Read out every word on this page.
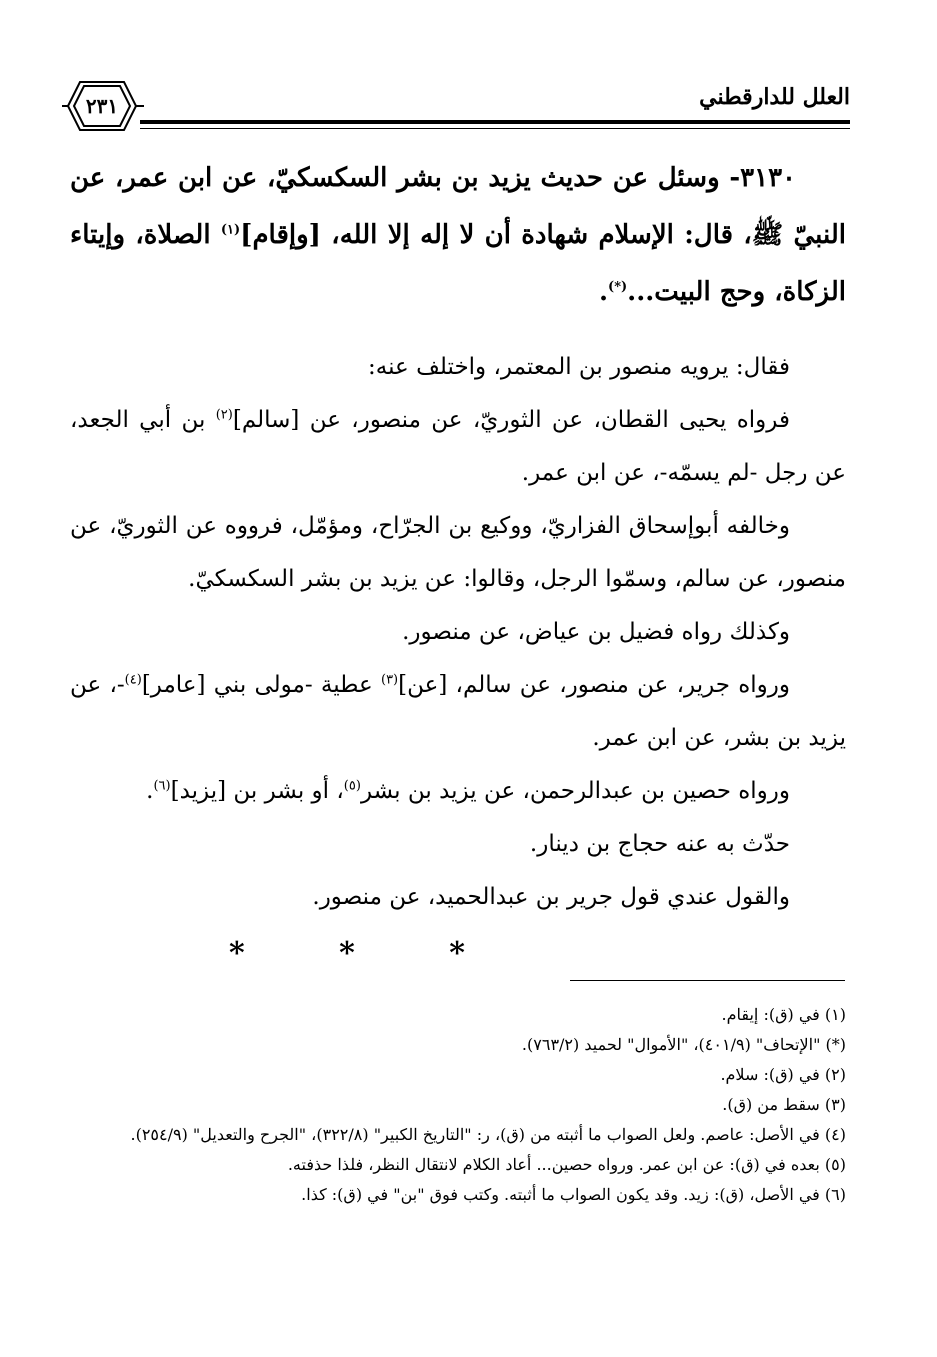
٢٣١	العلل للدارقطني

٣١٣٠- وسئل عن حديث يزيد بن بشر السكسكيّ، عن ابن عمر، عن النبيّ ﷺ، قال: الإسلام شهادة أن لا إله إلا الله، [وإقام]$^{(١)}$ الصلاة، وإيتاء الزكاة، وحج البيت...(*).

فقال: يرويه منصور بن المعتمر، واختلف عنه:

فرواه يحيى القطان، عن الثوريّ، عن منصور، عن [سالم]$^{(٢)}$ بن أبي الجعد، عن رجل -لم يسمّه-، عن ابن عمر.

وخالفه أبوإسحاق الفزاريّ، ووكيع بن الجرّاح، ومؤمّل، فرووه عن الثوريّ، عن منصور، عن سالم، وسمّوا الرجل، وقالوا: عن يزيد بن بشر السكسكيّ.

وكذلك رواه فضيل بن عياض، عن منصور.

ورواه جرير، عن منصور، عن سالم، [عن]$^{(٣)}$ عطية -مولى بني [عامر]$^{(٤)}$-، عن يزيد بن بشر، عن ابن عمر.

ورواه حصين بن عبدالرحمن، عن يزيد بن بشر$^{(٥)}$، أو بشر بن [يزيد]$^{(٦)}$.

حدّث به عنه حجاج بن دينار.

والقول عندي قول جرير بن عبدالحميد، عن منصور.

* * *

(١) في (ق): إيقام.

(*) "الإتحاف" (٤٠١/٩)، "الأموال" لحميد (٧٦٣/٢).

(٢) في (ق): سلام.

(٣) سقط من (ق).

(٤) في الأصل: عاصم. ولعل الصواب ما أثبته من (ق)، ر: "التاريخ الكبير" (٣٢٢/٨)، "الجرح والتعديل" (٢٥٤/٩).

(٥) بعده في (ق): عن ابن عمر. ورواه حصين... أعاد الكلام لانتقال النظر، فلذا حذفته.

(٦) في الأصل، (ق): زيد. وقد يكون الصواب ما أثبته. وكتب فوق "بن" في (ق): كذا.
